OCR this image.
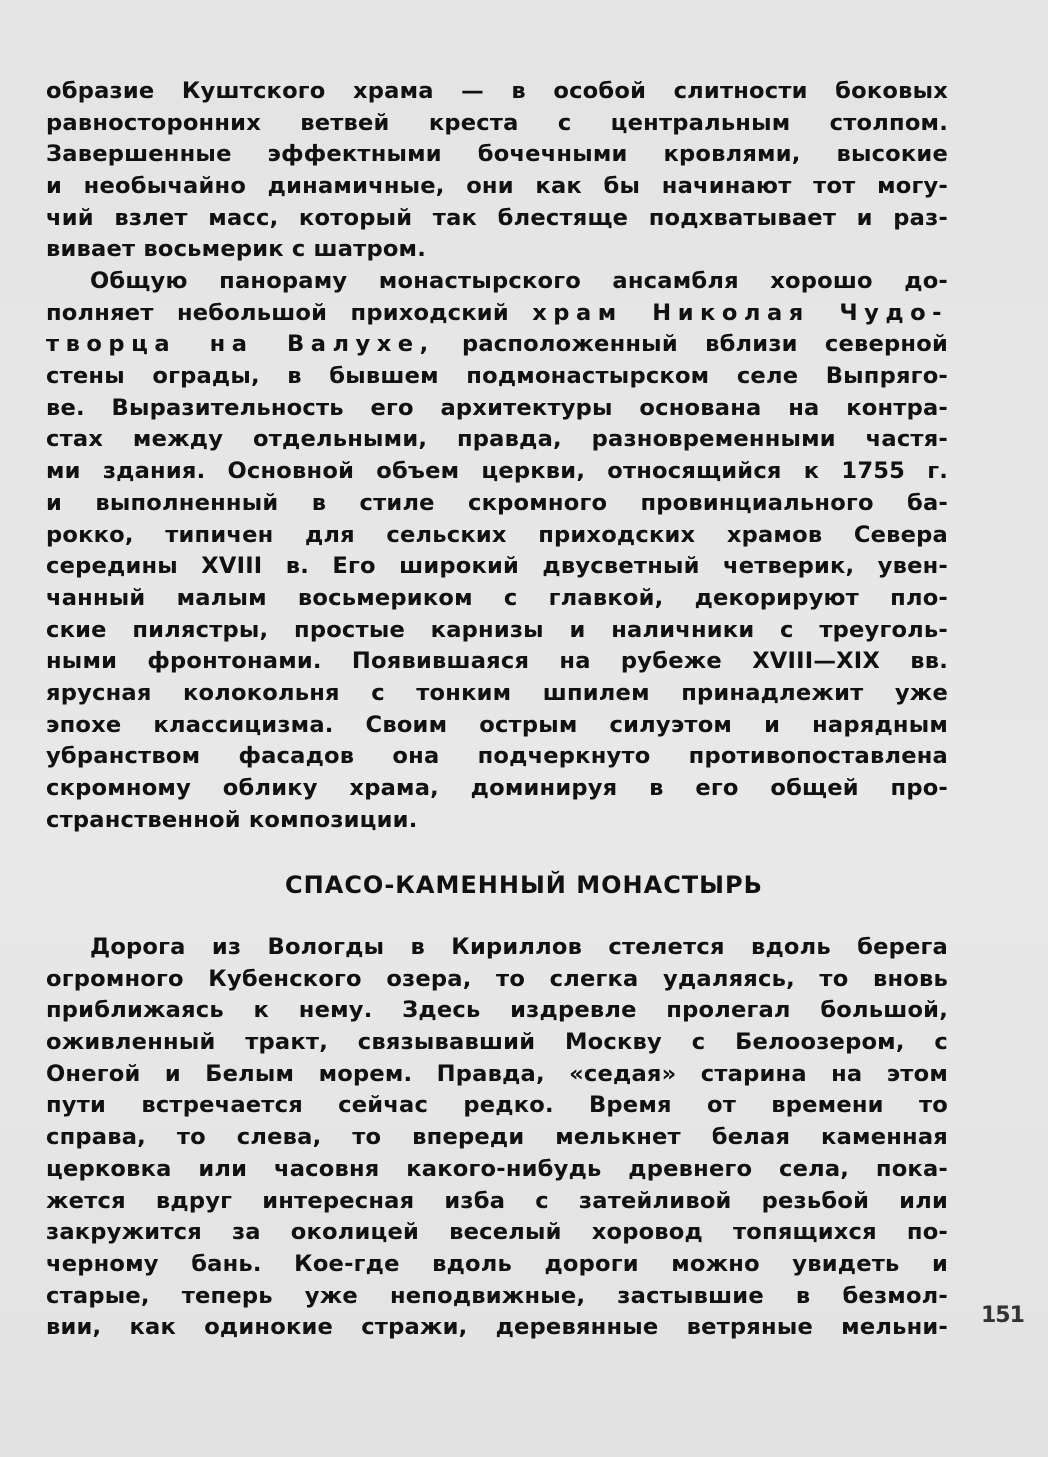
образие Куштского храма — в особой слитности боковых
равносторонних ветвей креста с центральным столпом.
Завершенные эффектными бочечными кровлями, высокие
и необычайно динамичные, они как бы начинают тот могу-
чий взлет масс, который так блестяще подхватывает и раз-
вивает восьмерик с шатром.
Общую панораму монастырского ансамбля хорошо до-
полняет небольшой приходский храм Николая Чудо-
творца на Валухе, расположенный вблизи северной
стены ограды, в бывшем подмонастырском селе Выпряго-
ве. Выразительность его архитектуры основана на контра-
стах между отдельными, правда, разновременными частя-
ми здания. Основной объем церкви, относящийся к 1755 г.
и выполненный в стиле скромного провинциального ба-
рокко, типичен для сельских приходских храмов Севера
середины XVIII в. Его широкий двусветный четверик, увен-
чанный малым восьмериком с главкой, декорируют пло-
ские пилястры, простые карнизы и наличники с треуголь-
ными фронтонами. Появившаяся на рубеже XVIII—XIX вв.
ярусная колокольня с тонким шпилем принадлежит уже
эпохе классицизма. Своим острым силуэтом и нарядным
убранством фасадов она подчеркнуто противопоставлена
скромному облику храма, доминируя в его общей про-
странственной композиции.
СПАСО-КАМЕННЫЙ МОНАСТЫРЬ
Дорога из Вологды в Кириллов стелется вдоль берега
огромного Кубенского озера, то слегка удаляясь, то вновь
приближаясь к нему. Здесь издревле пролегал большой,
оживленный тракт, связывавший Москву с Белоозером, с
Онегой и Белым морем. Правда, «седая» старина на этом
пути встречается сейчас редко. Время от времени то
справа, то слева, то впереди мелькнет белая каменная
церковка или часовня какого-нибудь древнего села, пока-
жется вдруг интересная изба с затейливой резьбой или
закружится за околицей веселый хоровод топящихся по-
черному бань. Кое-где вдоль дороги можно увидеть и
старые, теперь уже неподвижные, застывшие в безмол-
вии, как одинокие стражи, деревянные ветряные мельни- 151
